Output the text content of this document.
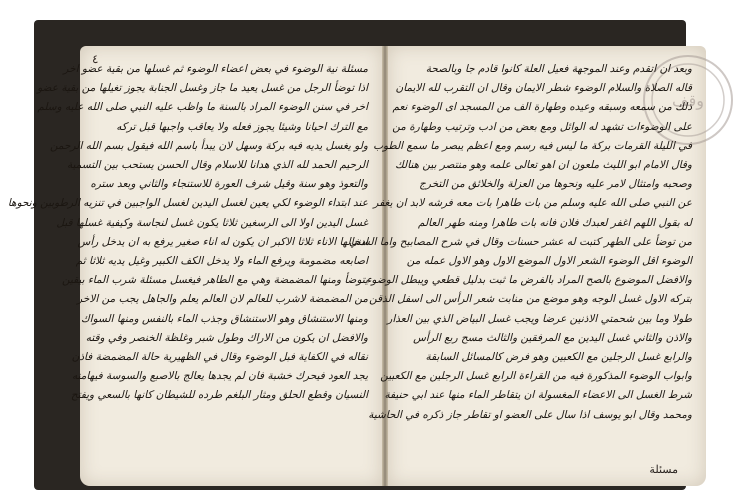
٤
مسئلة نية الوضوء في بعض اعضاء الوضوء ثم غسلها من بقية عضو اخر
اذا توضأ الرجل من غسل يعيد ما جاز وغسل الجنابة يجوز تغيلها من بقية عضو
اخر في سنن الوضوء المراد بالسنة ما واظب عليه النبي صلى الله عليه وسلم
مع الترك احيانا وشيئا يجوز فعله ولا يعاقب واجبها قبل تركه
ولو يغسل يديه فيه بركة وسهل لان يبدأ باسم الله فيقول بسم الله الرحمن
الرحيم الحمد لله الذي هدانا للاسلام وقال الحسن يستحب بين التسمية
والتعوذ وهو سنة وقيل شرف العورة للاستنجاء والثاني وبعد ستره
عند ابتداء الوضوء لكي يعين لغسل اليدين لغسل الواجبين في تنزيه الرطوبين ونحوها
غسل اليدين اولا الى الرسغين ثلاثا يكون غسل لنجاسة وكيفية غسلها قبل
ادخالها الاناء ثلاثا الاكبر ان يكون له اناء صغير يرفع به ان يدخل رأس
اصابعه مضمومة ويرفع الماء ولا يدخل الكف الكبير وغيل يديه ثلاثا ثم
يتوضأ ومنها المضمضة وهي مع الطاهر فيغسل مسئلة شرب الماء بيقين
من المضمضة لاشرب للعالم لان العالم يعلم والجاهل يجب من الاخر
ومنها الاستنشاق وهو الاستنشاق وجذب الماء بالنفس ومنها السواك
والافضل ان يكون من الاراك وطول شبر وغلظة الخنصر وفي وقته
نقاله في الكفاية فبل الوضوء وقال في الظهيرية حالة المضمضة فاذن
يجد العود فيحرك خشبة فان لم يجدها يعالج بالاصبع والسوسة فيهامنه
النسيان وقطع الحلق ومثار البلغم طرده للشيطان كانها بالسعي ويفتح
وقف
وبعد ان اتقدم وعند الموجهة فعيل العلة كانوا قادم جا وبالصحة
قاله الصلاة والسلام الوضوء شطر الايمان وقال ان التقرب لله الايمان
ذلك من سمعه وسبقه وعيده وطهارة الف من المسجد اى الوضوء نعم
على الوضوءات تشهد له الوائل ومع بعض من ادب وترتيب وطهارة من
في الليلة القرمات بركة ما ليس فيه رسم ومع اعظم يبصر ما سمع الطوب
وقال الامام ابو الليث ملعون ان اهو تعالى علمه وهو منتصر بين هنالك
وصحبه وامتثال لامر عليه ونحوها من العزلة والخلائق من التخرج
عن النبي صلى الله عليه وسلم من بات طاهرا بات معه فرشه لابد ان يغفر
له بقول اللهم اغفر لعبدك فلان فانه بات طاهرا ومنه طهر العالم
من توضأ على الطهر كتبت له عشر حسنات وقال في شرح المصابيح واما السني
الوضوء اقل الوضوء الشعر الاول الموضع الاول وهو الاول عمله من
والافضل الموضوع بالصح المراد بالفرض ما ثبت بدليل قطعي ويبطل الوضوء
بتركه الاول غسل الوجه وهو موضع من منابت شعر الرأس الى اسفل الذقن
طولا وما بين شحمتي الاذنين عرضا ويجب غسل البياض الذي بين العذار
والاذن والثاني غسل اليدين مع المرفقين والثالث مسح ربع الرأس
والرابع غسل الرجلين مع الكعبين وهو فرض كالمسائل السابقة
وابواب الوضوء المذكورة فيه من القراءة الرابع غسل الرجلين مع الكعبين
شرط الغسل الى الاعضاء المغسولة ان يتقاطر الماء منها عند ابي حنيفة
ومحمد وقال ابو يوسف اذا سال على العضو او تقاطر جاز ذكره في الحاشية
مسئلة
